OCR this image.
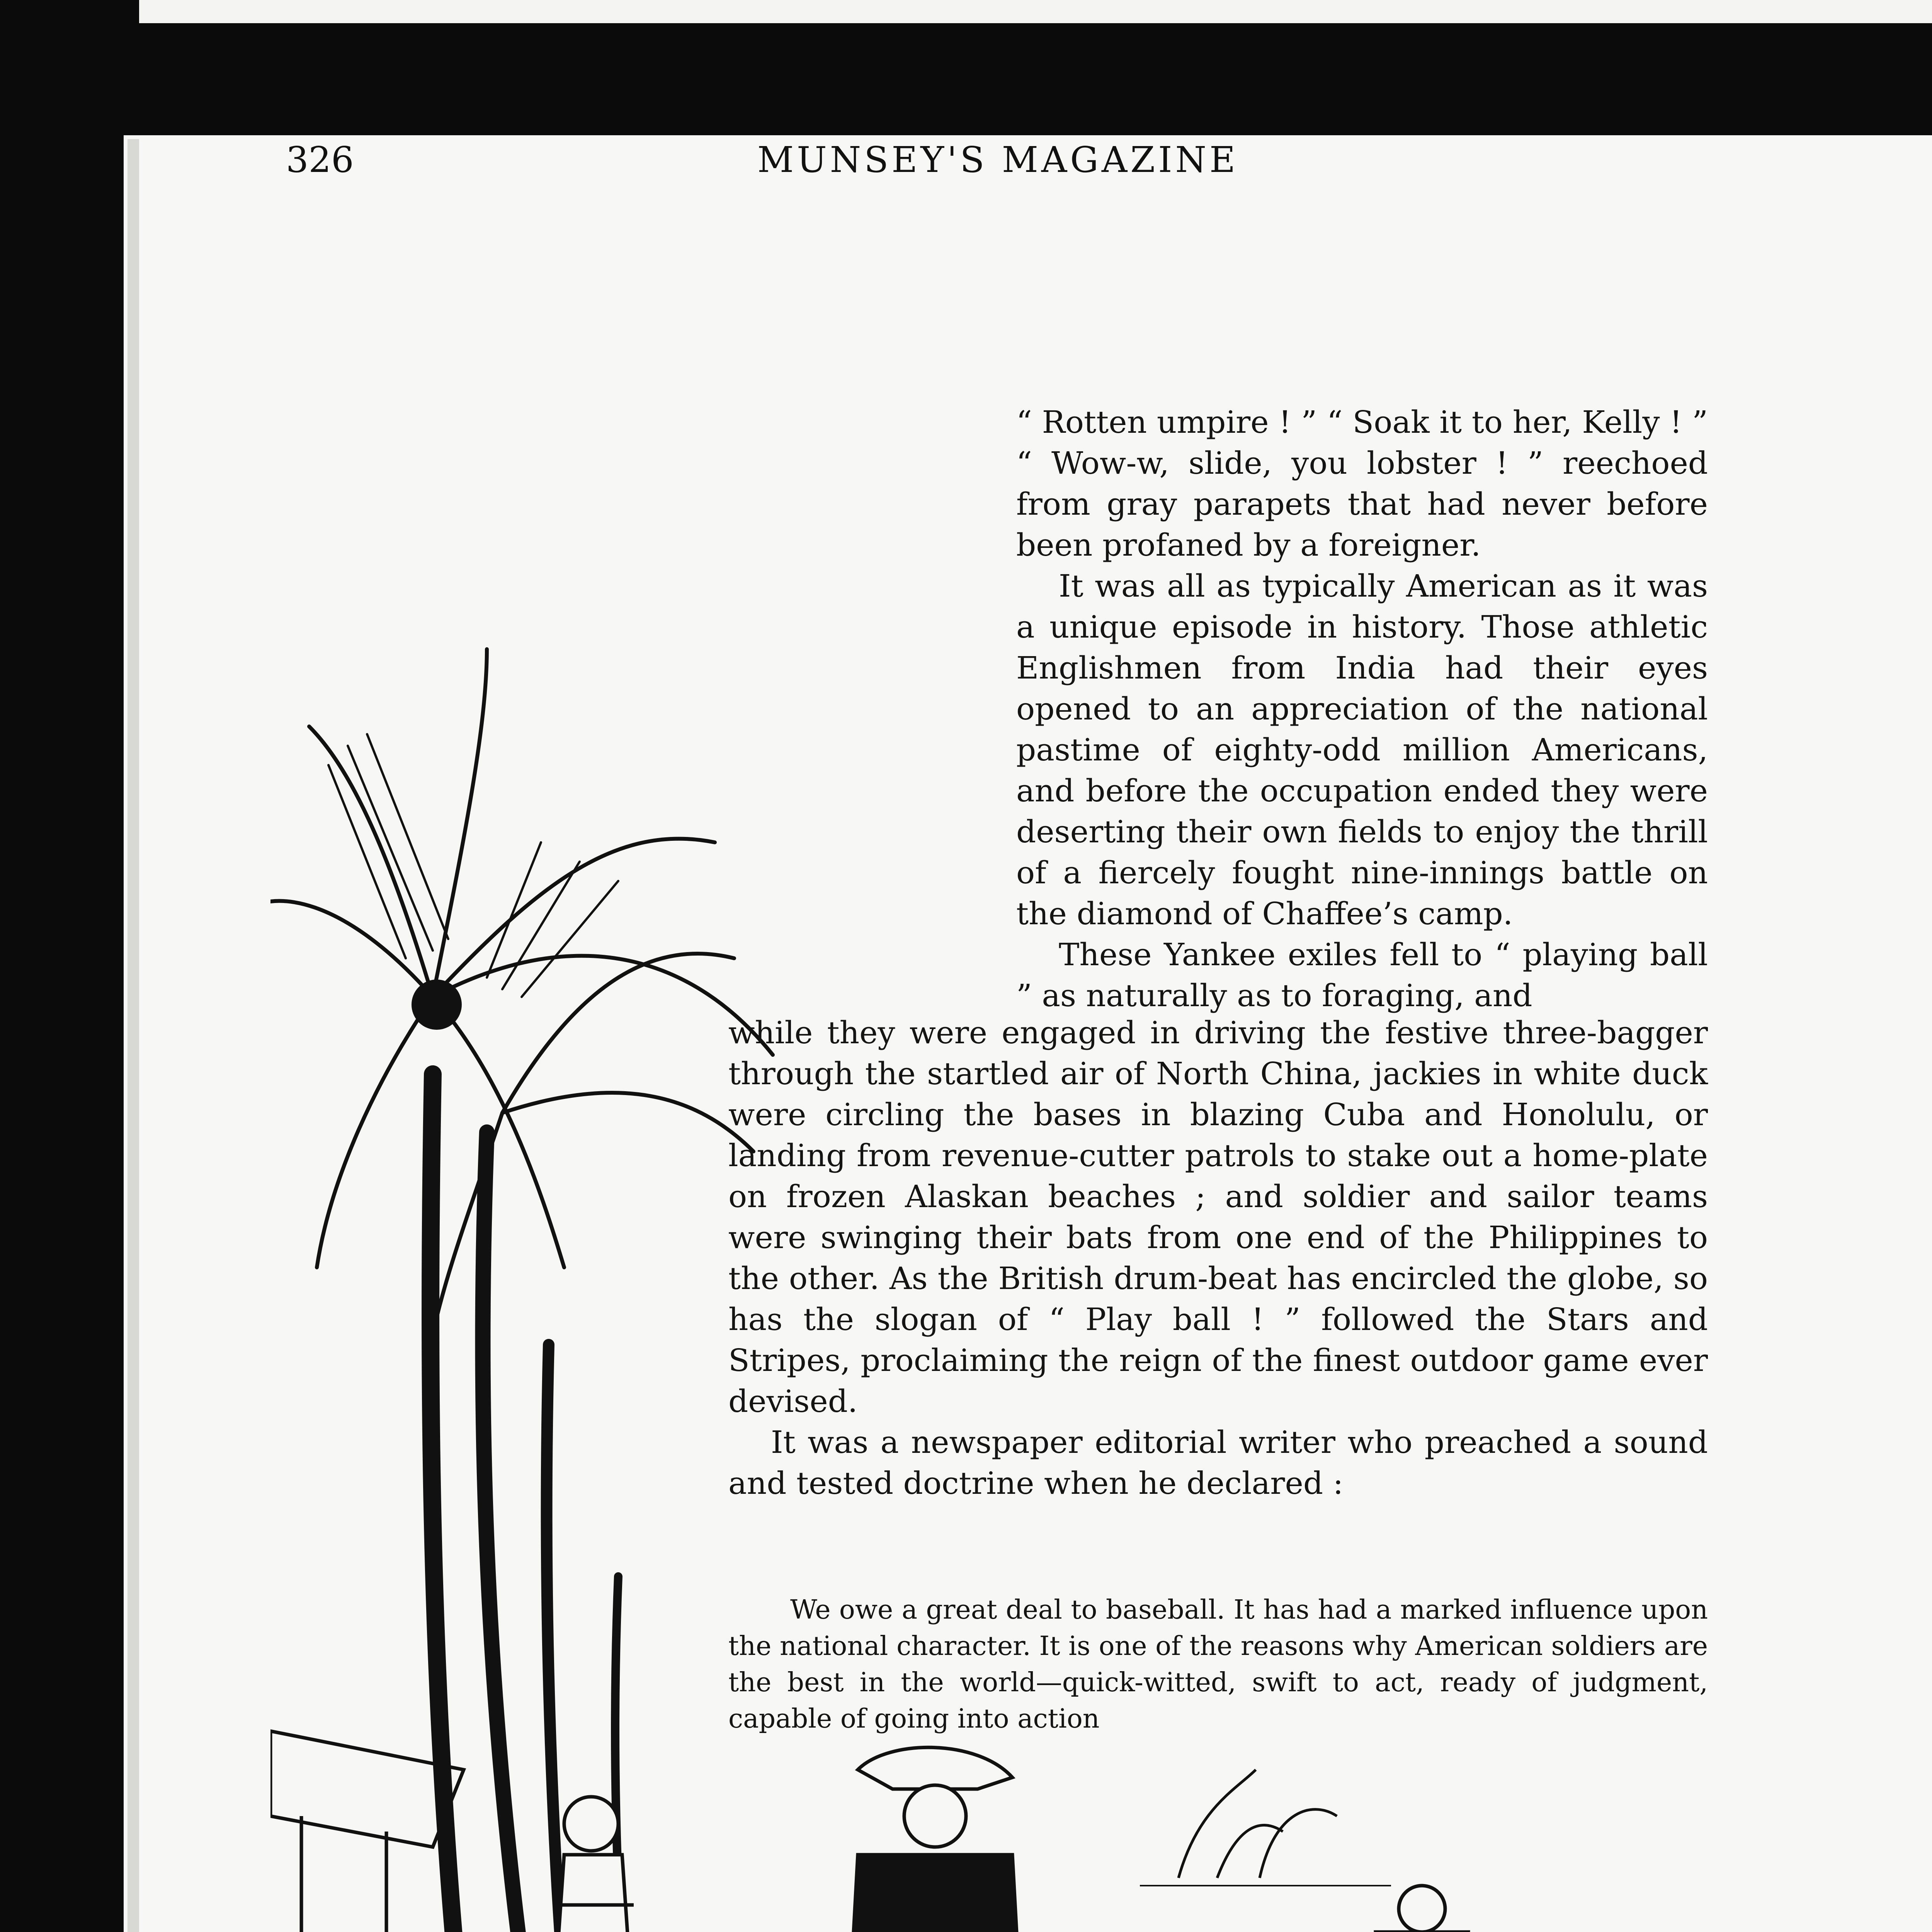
326	MUNSEY'S MAGAZINE

“ Rotten umpire ! ” “ Soak it to her, Kelly ! ” “ Wow-w, slide, you lobster ! ” reechoed from gray parapets that had never before been profaned by a foreigner.

It was all as typically American as it was a unique episode in history. Those athletic Englishmen from India had their eyes opened to an appreciation of the national pastime of eighty-odd million Americans, and before the occupation ended they were deserting their own fields to enjoy the thrill of a fiercely fought nine-innings battle on the diamond of Chaffee’s camp.

These Yankee exiles fell to “ playing ball ” as naturally as to foraging, and

while they were engaged in driving the festive three-bagger through the startled air of North China, jackies in white duck were circling the bases in blazing Cuba and Honolulu, or landing from revenue-cutter patrols to stake out a home-plate on frozen Alaskan beaches ; and soldier and sailor teams were swinging their bats from one end of the Philippines to the other. As the British drum-beat has encircled the globe, so has the slogan of “ Play ball ! ” followed the Stars and Stripes, proclaiming the reign of the finest outdoor game ever devised.

It was a newspaper editorial writer who preached a sound and tested doctrine when he declared :

We owe a great deal to baseball. It has had a marked influence upon the national character. It is one of the reasons why American soldiers are the best in the world—quick-witted, swift to act, ready of judgment, capable of going into action
